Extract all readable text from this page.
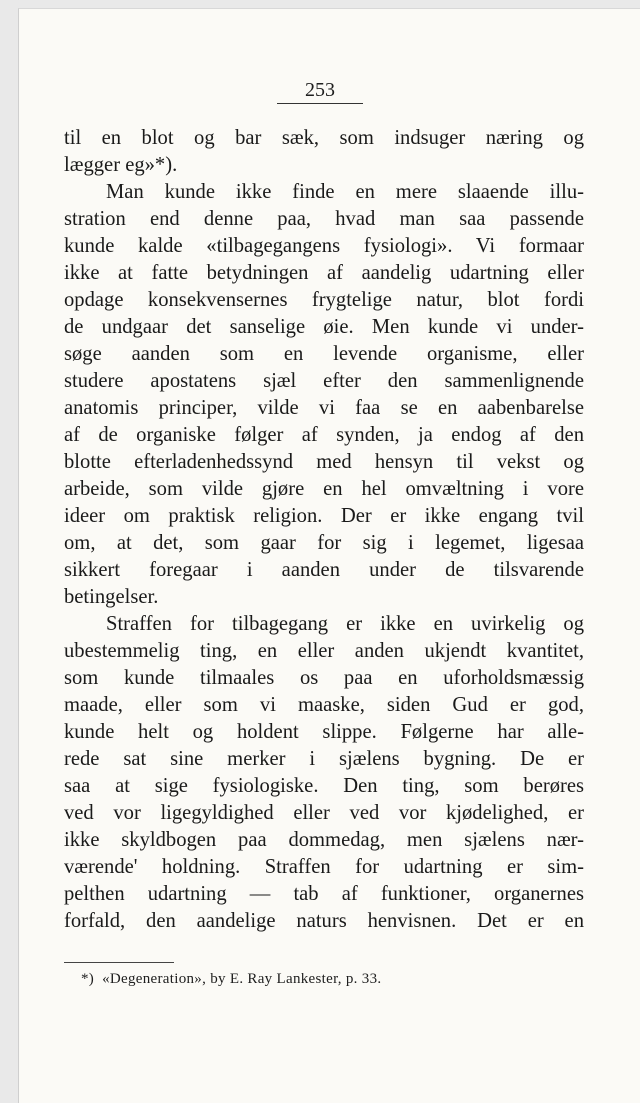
253
til en blot og bar sæk, som indsuger næring og
lægger eg»*).
Man kunde ikke finde en mere slaaende illu-
stration end denne paa, hvad man saa passende
kunde kalde «tilbagegangens fysiologi». Vi formaar
ikke at fatte betydningen af aandelig udartning eller
opdage konsekvensernes frygtelige natur, blot fordi
de undgaar det sanselige øie. Men kunde vi under-
søge aanden som en levende organisme, eller
studere apostatens sjæl efter den sammenlignende
anatomis principer, vilde vi faa se en aabenbarelse
af de organiske følger af synden, ja endog af den
blotte efterladenhedssynd med hensyn til vekst og
arbeide, som vilde gjøre en hel omvæltning i vore
ideer om praktisk religion. Der er ikke engang tvil
om, at det, som gaar for sig i legemet, ligesaa
sikkert foregaar i aanden under de tilsvarende
betingelser.
Straffen for tilbagegang er ikke en uvirkelig og
ubestemmelig ting, en eller anden ukjendt kvantitet,
som kunde tilmaales os paa en uforholdsmæssig
maade, eller som vi maaske, siden Gud er god,
kunde helt og holdent slippe. Følgerne har alle-
rede sat sine merker i sjælens bygning. De er
saa at sige fysiologiske. Den ting, som berøres
ved vor ligegyldighed eller ved vor kjødelighed, er
ikke skyldbogen paa dommedag, men sjælens nær-
værende' holdning. Straffen for udartning er sim-
pelthen udartning — tab af funktioner, organernes
forfald, den aandelige naturs henvisnen. Det er en
*) «Degeneration», by E. Ray Lankester, p. 33.
